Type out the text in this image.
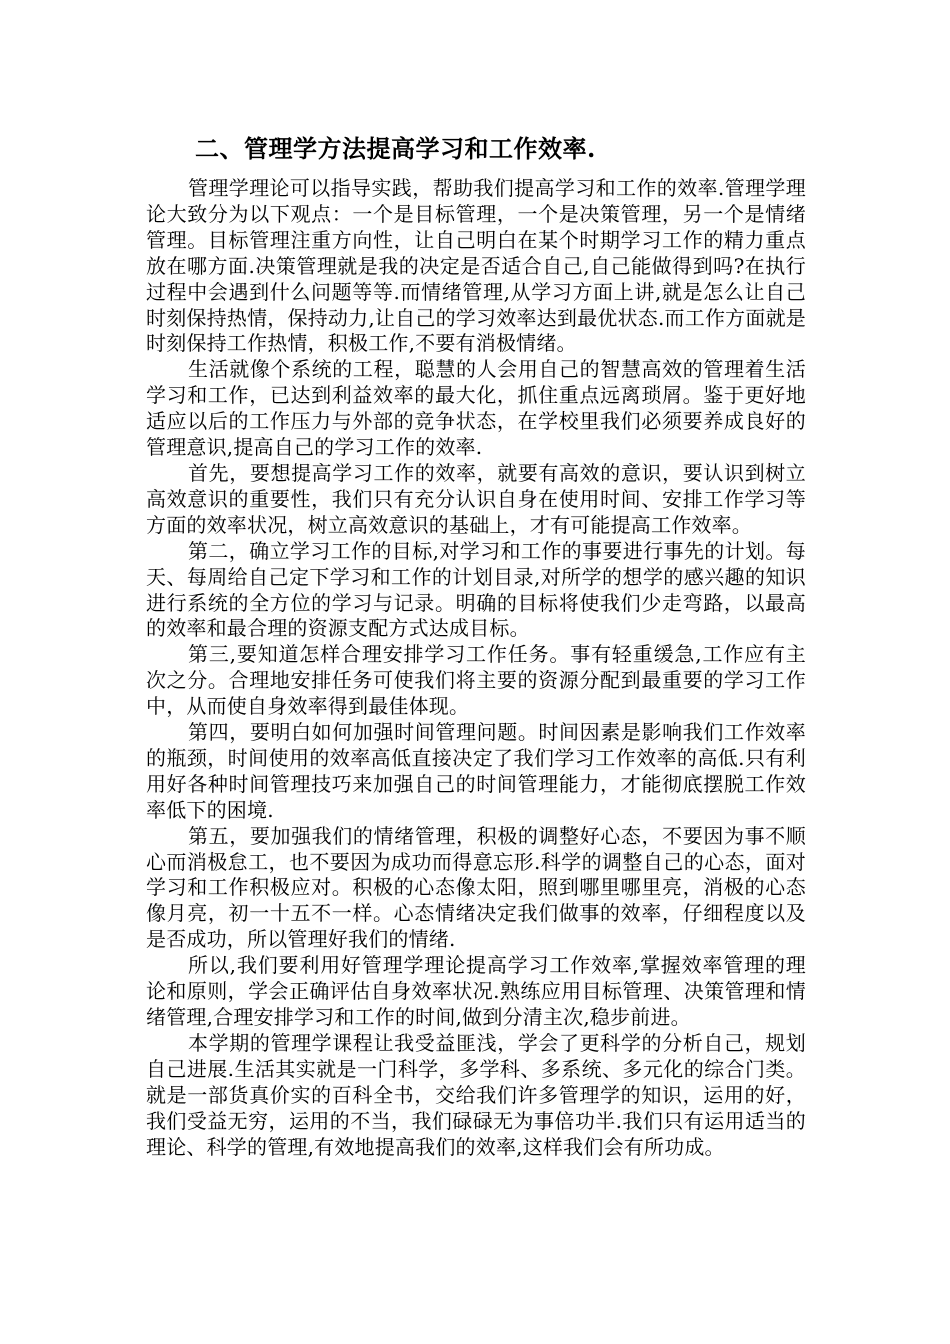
二、管理学方法提高学习和工作效率.

管理学理论可以指导实践，帮助我们提高学习和工作的效率.管理学理论大致分为以下观点：一个是目标管理，一个是决策管理，另一个是情绪管理。目标管理注重方向性，让自己明白在某个时期学习工作的精力重点放在哪方面.决策管理就是我的决定是否适合自己,自己能做得到吗?在执行过程中会遇到什么问题等等.而情绪管理,从学习方面上讲,就是怎么让自己时刻保持热情，保持动力,让自己的学习效率达到最优状态.而工作方面就是时刻保持工作热情，积极工作,不要有消极情绪。

生活就像个系统的工程，聪慧的人会用自己的智慧高效的管理着生活学习和工作，已达到利益效率的最大化，抓住重点远离琐屑。鉴于更好地适应以后的工作压力与外部的竞争状态，在学校里我们必须要养成良好的管理意识,提高自己的学习工作的效率.

首先，要想提高学习工作的效率，就要有高效的意识，要认识到树立高效意识的重要性，我们只有充分认识自身在使用时间、安排工作学习等方面的效率状况，树立高效意识的基础上，才有可能提高工作效率。

第二，确立学习工作的目标,对学习和工作的事要进行事先的计划。每天、每周给自己定下学习和工作的计划目录,对所学的想学的感兴趣的知识进行系统的全方位的学习与记录。明确的目标将使我们少走弯路，以最高的效率和最合理的资源支配方式达成目标。

第三,要知道怎样合理安排学习工作任务。事有轻重缓急,工作应有主次之分。合理地安排任务可使我们将主要的资源分配到最重要的学习工作中，从而使自身效率得到最佳体现。

第四，要明白如何加强时间管理问题。时间因素是影响我们工作效率的瓶颈，时间使用的效率高低直接决定了我们学习工作效率的高低.只有利用好各种时间管理技巧来加强自己的时间管理能力，才能彻底摆脱工作效率低下的困境.

第五，要加强我们的情绪管理，积极的调整好心态，不要因为事不顺心而消极怠工，也不要因为成功而得意忘形.科学的调整自己的心态，面对学习和工作积极应对。积极的心态像太阳，照到哪里哪里亮，消极的心态像月亮，初一十五不一样。心态情绪决定我们做事的效率，仔细程度以及是否成功，所以管理好我们的情绪.

所以,我们要利用好管理学理论提高学习工作效率,掌握效率管理的理论和原则，学会正确评估自身效率状况.熟练应用目标管理、决策管理和情绪管理,合理安排学习和工作的时间,做到分清主次,稳步前进。

本学期的管理学课程让我受益匪浅，学会了更科学的分析自己，规划自己进展.生活其实就是一门科学，多学科、多系统、多元化的综合门类。就是一部货真价实的百科全书，交给我们许多管理学的知识，运用的好，我们受益无穷，运用的不当，我们碌碌无为事倍功半.我们只有运用适当的理论、科学的管理,有效地提高我们的效率,这样我们会有所功成。
